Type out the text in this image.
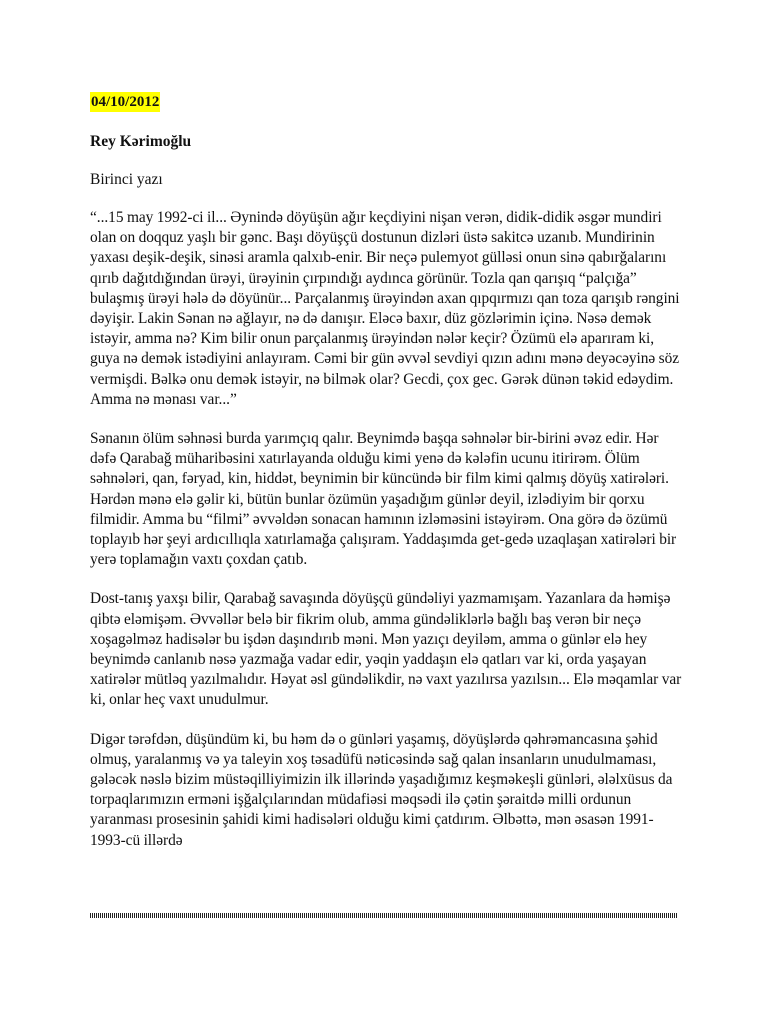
04/10/2012
Rey Kərimoğlu
Birinci yazı

“...15 may 1992-ci il... Əynində döyüşün ağır keçdiyini nişan verən, didik-didik əsgər mundiri olan on doqquz yaşlı bir gənc. Başı döyüşçü dostunun dizləri üstə sakitcə uzanıb. Mundirinin yaxası deşik-deşik, sinəsi aramla qalxıb-enir. Bir neçə pulemyot gülləsi onun sinə qabırğalarını qırıb dağıtdığından ürəyi, ürəyinin çırpındığı aydınca görünür. Tozla qan qarışıq “palçığa” bulaşmış ürəyi hələ də döyünür... Parçalanmış ürəyindən axan qıpqırmızı qan toza qarışıb rəngini dəyişir. Lakin Sənan nə ağlayır, nə də danışır. Eləcə baxır, düz gözlərimin içinə. Nəsə demək istəyir, amma nə? Kim bilir onun parçalanmış ürəyindən nələr keçir? Özümü elə aparıram ki, guya nə demək istədiyini anlayıram. Cəmi bir gün əvvəl sevdiyi qızın adını mənə deyəcəyinə söz vermişdi. Bəlkə onu demək istəyir, nə bilmək olar? Gecdi, çox gec. Gərək dünən təkid edəydim. Amma nə mənası var...”

Sənanın ölüm səhnəsi burda yarımçıq qalır. Beynimdə başqa səhnələr bir-birini əvəz edir. Hər dəfə Qarabağ müharibəsini xatırlayanda olduğu kimi yenə də kələfin ucunu itirirəm. Ölüm səhnələri, qan, fəryad, kin, hiddət, beynimin bir küncündə bir film kimi qalmış döyüş xatirələri. Hərdən mənə elə gəlir ki, bütün bunlar özümün yaşadığım günlər deyil, izlədiyim bir qorxu filmidir. Amma bu “filmi” əvvəldən sonacan hamının izləməsini istəyirəm. Ona görə də özümü toplayıb hər şeyi ardıcıllıqla xatırlamağa çalışıram. Yaddaşımda get-gedə uzaqlaşan xatirələri bir yerə toplamağın vaxtı çoxdan çatıb.

Dost-tanış yaxşı bilir, Qarabağ savaşında döyüşçü gündəliyi yazmamışam. Yazanlara da həmişə qibtə eləmişəm. Əvvəllər belə bir fikrim olub, amma gündəliklərlə bağlı baş verən bir neçə xoşagəlməz hadisələr bu işdən daşındırıb məni. Mən yazıçı deyiləm, amma o günlər elə hey beynimdə canlanıb nəsə yazmağa vadar edir, yəqin yaddaşın elə qatları var ki, orda yaşayan xatirələr mütləq yazılmalıdır. Həyat əsl gündəlikdir, nə vaxt yazılırsa yazılsın... Elə məqamlar var ki, onlar heç vaxt unudulmur.

Digər tərəfdən, düşündüm ki, bu həm də o günləri yaşamış, döyüşlərdə qəhrəmancasına şəhid olmuş, yaralanmış və ya taleyin xoş təsadüfü nəticəsində sağ qalan insanların unudulmaması, gələcək nəslə bizim müstəqilliyimizin ilk illərində yaşadığımız keşməkeşli günləri, ələlxüsus da torpaqlarımızın erməni işğalçılarından müdafiəsi məqsədi ilə çətin şəraitdə milli ordunun yaranması prosesinin şahidi kimi hadisələri olduğu kimi çatdırım. Əlbəttə, mən əsasən 1991-1993-cü illərdə
